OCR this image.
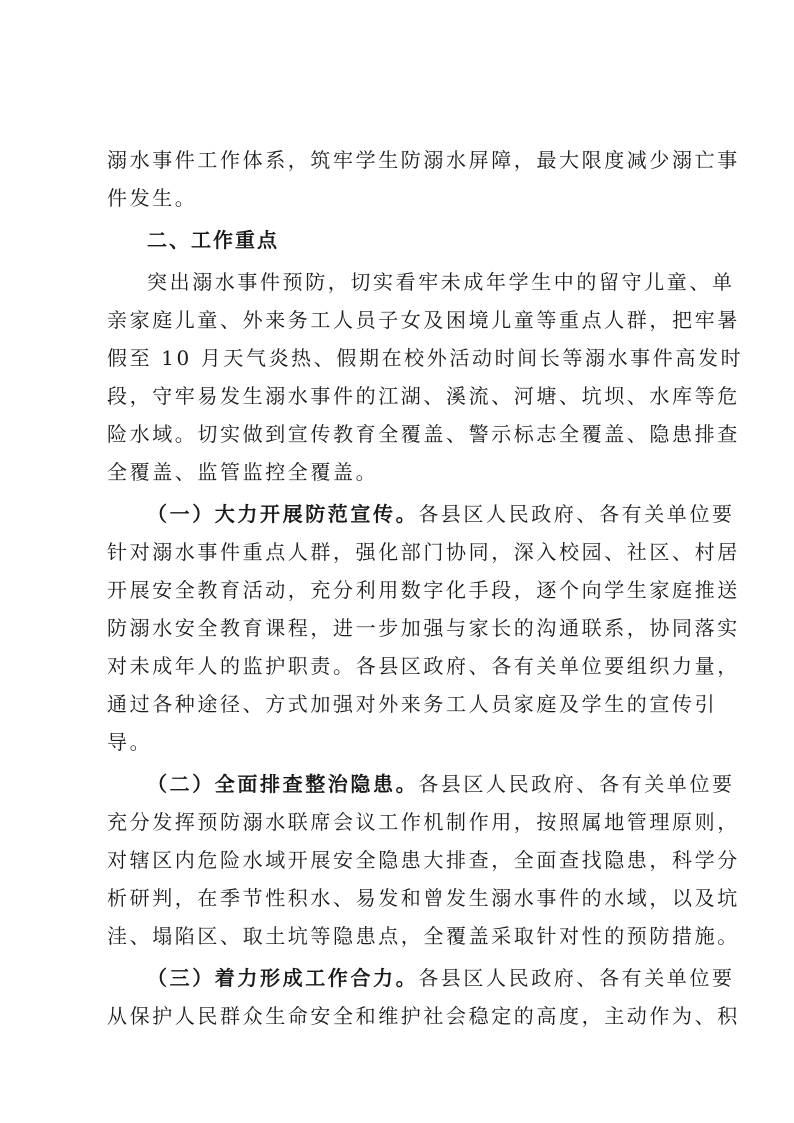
溺水事件工作体系，筑牢学生防溺水屏障，最大限度减少溺亡事
件发生。
二、工作重点
突出溺水事件预防，切实看牢未成年学生中的留守儿童、单
亲家庭儿童、外来务工人员子女及困境儿童等重点人群，把牢暑
假至 10 月天气炎热、假期在校外活动时间长等溺水事件高发时
段，守牢易发生溺水事件的江湖、溪流、河塘、坑坝、水库等危
险水域。切实做到宣传教育全覆盖、警示标志全覆盖、隐患排查
全覆盖、监管监控全覆盖。
（一）大力开展防范宣传。各县区人民政府、各有关单位要
针对溺水事件重点人群，强化部门协同，深入校园、社区、村居
开展安全教育活动，充分利用数字化手段，逐个向学生家庭推送
防溺水安全教育课程，进一步加强与家长的沟通联系，协同落实
对未成年人的监护职责。各县区政府、各有关单位要组织力量，
通过各种途径、方式加强对外来务工人员家庭及学生的宣传引
导。
（二）全面排查整治隐患。各县区人民政府、各有关单位要
充分发挥预防溺水联席会议工作机制作用，按照属地管理原则，
对辖区内危险水域开展安全隐患大排查，全面查找隐患，科学分
析研判，在季节性积水、易发和曾发生溺水事件的水域，以及坑
洼、塌陷区、取土坑等隐患点，全覆盖采取针对性的预防措施。
（三）着力形成工作合力。各县区人民政府、各有关单位要
从保护人民群众生命安全和维护社会稳定的高度，主动作为、积
